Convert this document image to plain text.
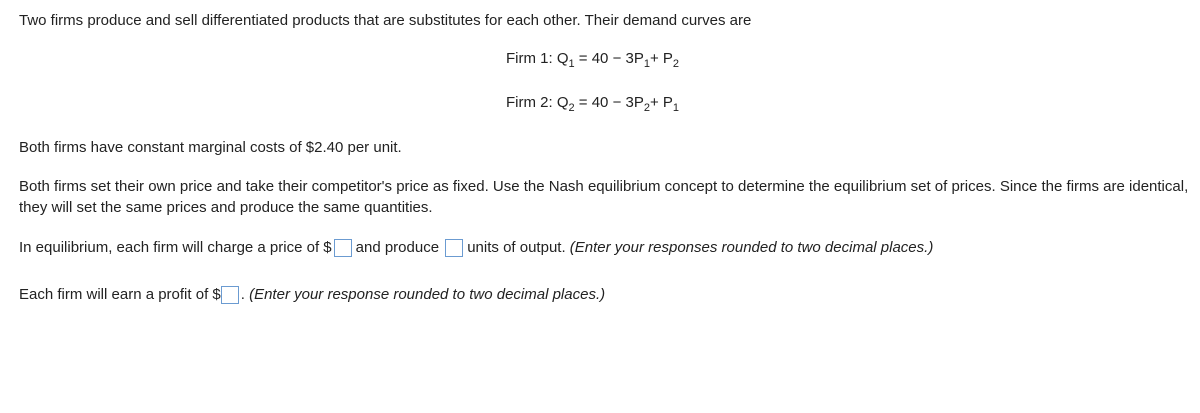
Two firms produce and sell differentiated products that are substitutes for each other. Their demand curves are
Firm 1: $Q_1 = 40 - 3P_1+ P_2$
Firm 2: $Q_2 = 40 - 3P_2+ P_1$
Both firms have constant marginal costs of $2.40 per unit.
Both firms set their own price and take their competitor's price as fixed. Use the Nash equilibrium concept to determine the equilibrium set of prices. Since the firms are identical, they will set the same prices and produce the same quantities.
In equilibrium, each firm will charge a price of $ and produce units of output. (Enter your responses rounded to two decimal places.)
Each firm will earn a profit of $ . (Enter your response rounded to two decimal places.)
